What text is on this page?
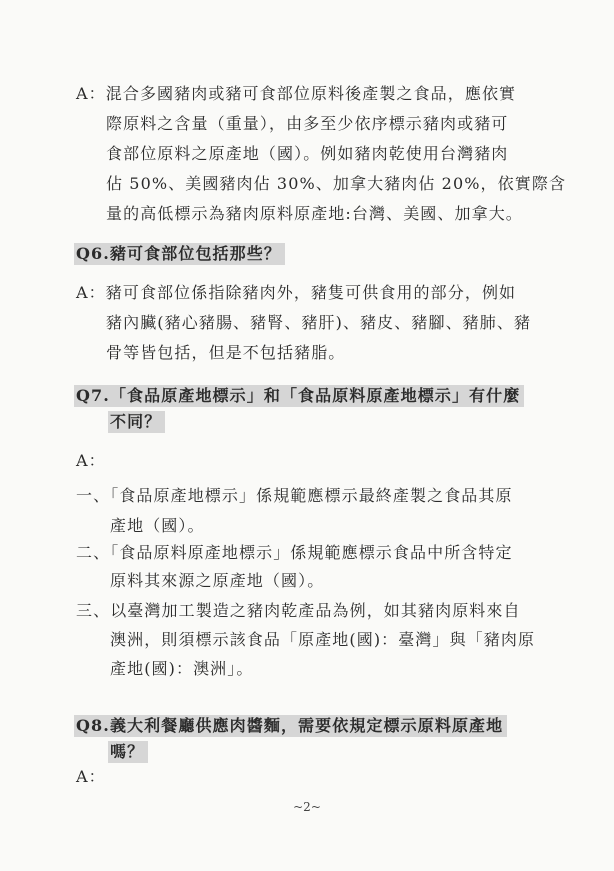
A：混合多國豬肉或豬可食部位原料後產製之食品，應依實
際原料之含量（重量），由多至少依序標示豬肉或豬可
食部位原料之原產地（國）。例如豬肉乾使用台灣豬肉
佔 50%、美國豬肉佔 30%、加拿大豬肉佔 20%，依實際含
量的高低標示為豬肉原料原產地:台灣、美國、加拿大。
Q6.豬可食部位包括那些？
A：豬可食部位係指除豬肉外，豬隻可供食用的部分，例如
豬內臟(豬心豬腸、豬腎、豬肝)、豬皮、豬腳、豬肺、豬
骨等皆包括，但是不包括豬脂。
Q7.「食品原產地標示」和「食品原料原產地標示」有什麼
不同？
A：
一、「食品原產地標示」係規範應標示最終產製之食品其原
產地（國）。
二、「食品原料原產地標示」係規範應標示食品中所含特定
原料其來源之原產地（國）。
三、以臺灣加工製造之豬肉乾產品為例，如其豬肉原料來自
澳洲，則須標示該食品「原產地(國)：臺灣」與「豬肉原
產地(國)：澳洲」。
Q8.義大利餐廳供應肉醬麵，需要依規定標示原料原產地
嗎？
A：
~2~
